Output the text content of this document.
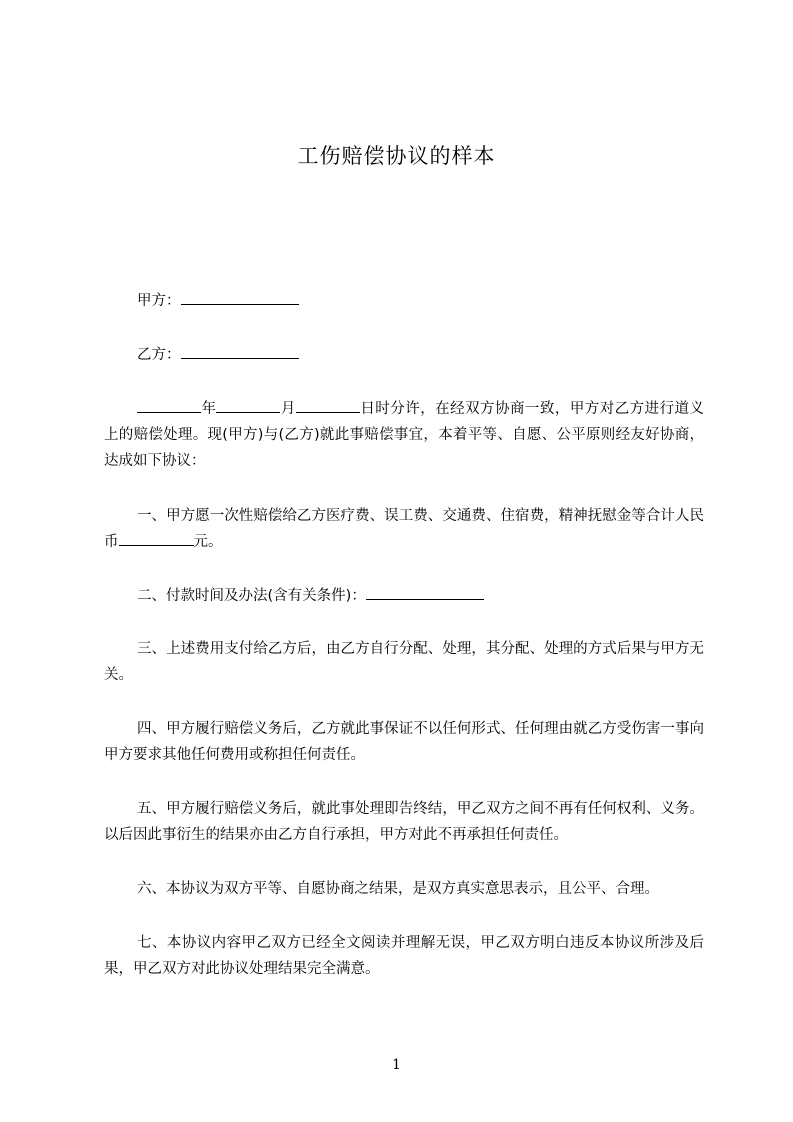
工伤赔偿协议的样本
甲方：
乙方：
年	月	日时分许，在经双方协商一致，甲方对乙方进行道义上的赔偿处理。现(甲方)与(乙方)就此事赔偿事宜，本着平等、自愿、公平原则经友好协商，达成如下协议：
一、甲方愿一次性赔偿给乙方医疗费、误工费、交通费、住宿费，精神抚慰金等合计人民币	元。
二、付款时间及办法(含有关条件)：
三、上述费用支付给乙方后，由乙方自行分配、处理，其分配、处理的方式后果与甲方无关。
四、甲方履行赔偿义务后，乙方就此事保证不以任何形式、任何理由就乙方受伤害一事向甲方要求其他任何费用或称担任何责任。
五、甲方履行赔偿义务后，就此事处理即告终结，甲乙双方之间不再有任何权利、义务。以后因此事衍生的结果亦由乙方自行承担，甲方对此不再承担任何责任。
六、本协议为双方平等、自愿协商之结果，是双方真实意思表示，且公平、合理。
七、本协议内容甲乙双方已经全文阅读并理解无误，甲乙双方明白违反本协议所涉及后果，甲乙双方对此协议处理结果完全满意。
1
